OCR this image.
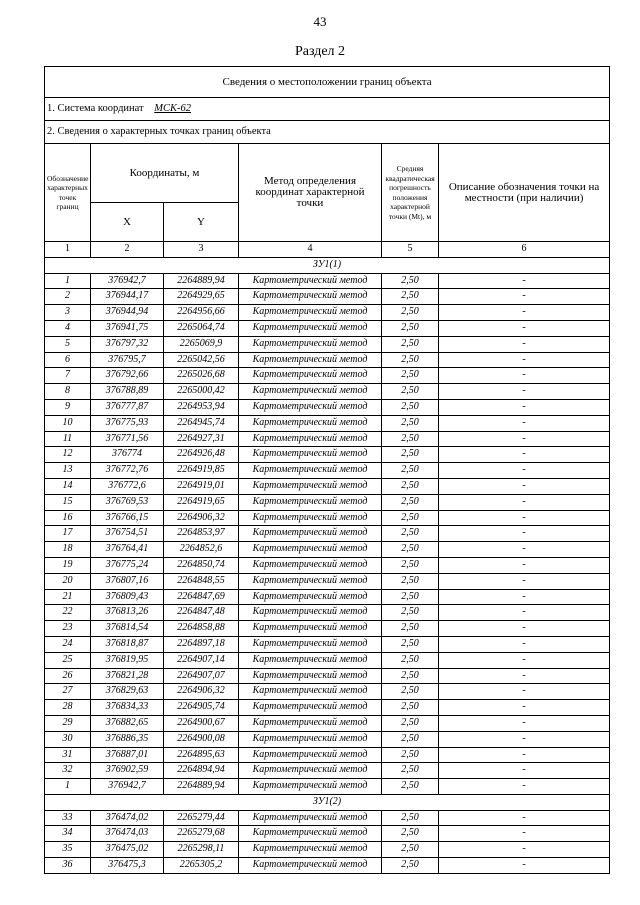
43
Раздел 2
Сведения о местоположении границ объекта					
1. Система координат МСК-62					
2. Сведения о характерных точках границ объекта					
Обозначение характерных точек границ	Координаты, м		Метод определения координат характерной точки	Средняя квадратическая погрешность положения характерной точки (Mt), м	Описание обозначения точки на местности (при наличии)
	X	Y			
1	2	3	4	5	6
ЗУ1(1)					
1	376942,7	2264889,94	Картометрический метод	2,50	-
2	376944,17	2264929,65	Картометрический метод	2,50	-
3	376944,94	2264956,66	Картометрический метод	2,50	-
4	376941,75	2265064,74	Картометрический метод	2,50	-
5	376797,32	2265069,9	Картометрический метод	2,50	-
6	376795,7	2265042,56	Картометрический метод	2,50	-
7	376792,66	2265026,68	Картометрический метод	2,50	-
8	376788,89	2265000,42	Картометрический метод	2,50	-
9	376777,87	2264953,94	Картометрический метод	2,50	-
10	376775,93	2264945,74	Картометрический метод	2,50	-
11	376771,56	2264927,31	Картометрический метод	2,50	-
12	376774	2264926,48	Картометрический метод	2,50	-
13	376772,76	2264919,85	Картометрический метод	2,50	-
14	376772,6	2264919,01	Картометрический метод	2,50	-
15	376769,53	2264919,65	Картометрический метод	2,50	-
16	376766,15	2264906,32	Картометрический метод	2,50	-
17	376754,51	2264853,97	Картометрический метод	2,50	-
18	376764,41	2264852,6	Картометрический метод	2,50	-
19	376775,24	2264850,74	Картометрический метод	2,50	-
20	376807,16	2264848,55	Картометрический метод	2,50	-
21	376809,43	2264847,69	Картометрический метод	2,50	-
22	376813,26	2264847,48	Картометрический метод	2,50	-
23	376814,54	2264858,88	Картометрический метод	2,50	-
24	376818,87	2264897,18	Картометрический метод	2,50	-
25	376819,95	2264907,14	Картометрический метод	2,50	-
26	376821,28	2264907,07	Картометрический метод	2,50	-
27	376829,63	2264906,32	Картометрический метод	2,50	-
28	376834,33	2264905,74	Картометрический метод	2,50	-
29	376882,65	2264900,67	Картометрический метод	2,50	-
30	376886,35	2264900,08	Картометрический метод	2,50	-
31	376887,01	2264895,63	Картометрический метод	2,50	-
32	376902,59	2264894,94	Картометрический метод	2,50	-
1	376942,7	2264889,94	Картометрический метод	2,50	-
ЗУ1(2)					
33	376474,02	2265279,44	Картометрический метод	2,50	-
34	376474,03	2265279,68	Картометрический метод	2,50	-
35	376475,02	2265298,11	Картометрический метод	2,50	-
36	376475,3	2265305,2	Картометрический метод	2,50	-
